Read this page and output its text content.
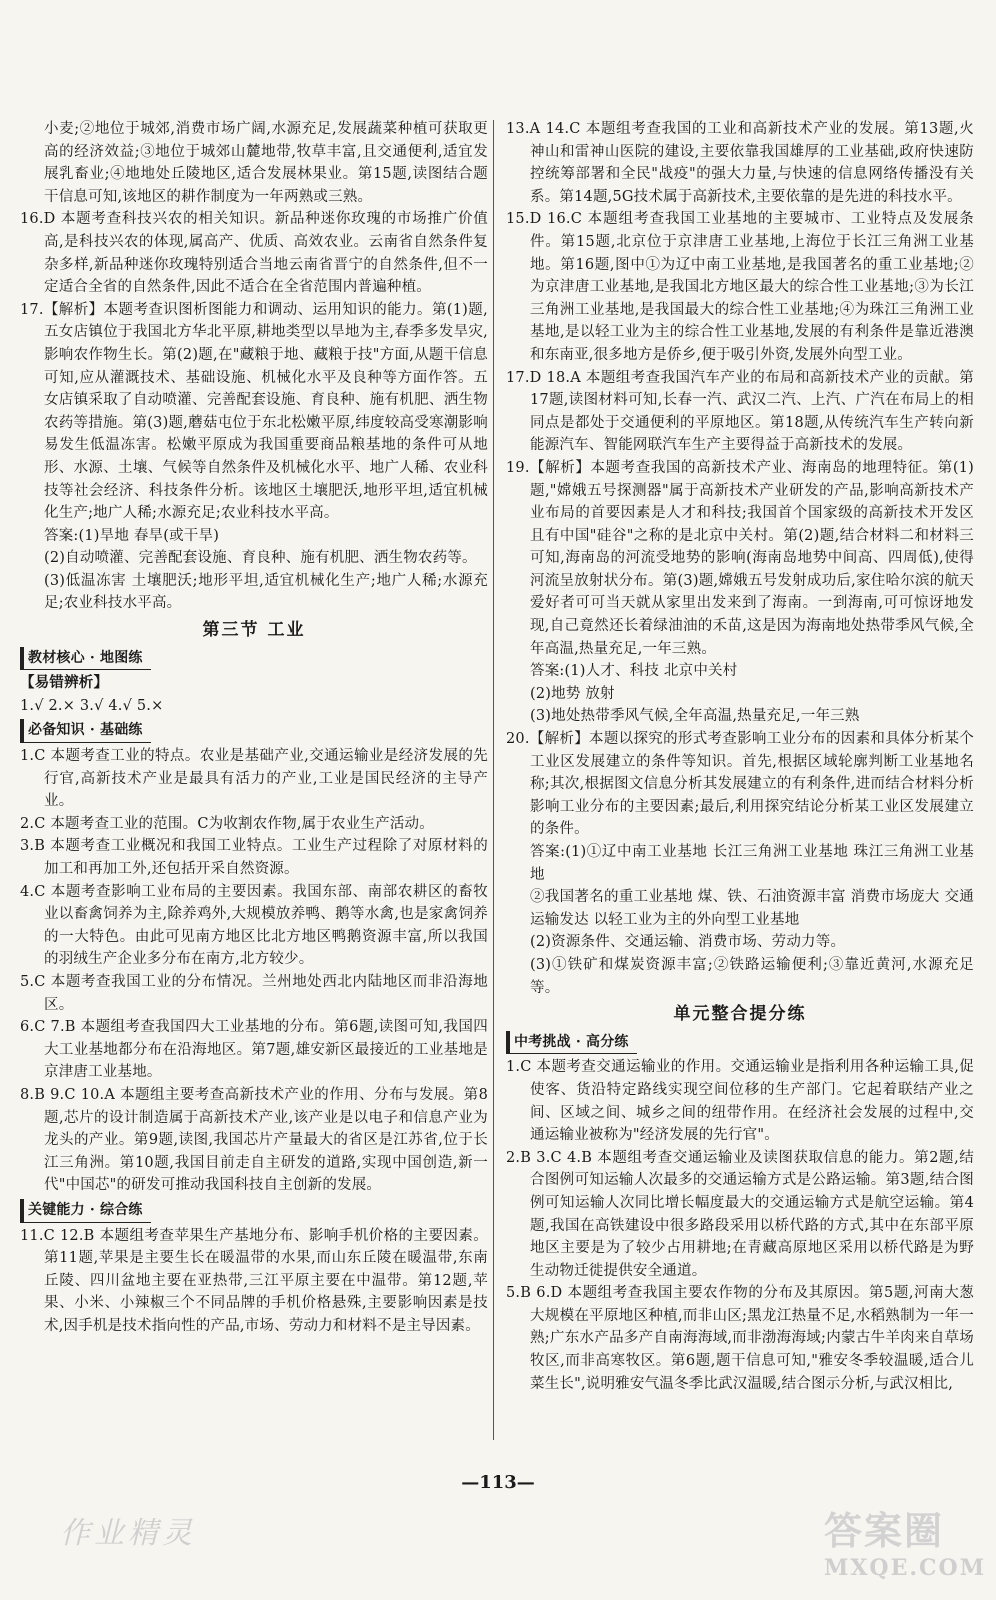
小麦;②地位于城郊,消费市场广阔,水源充足,发展蔬菜种植可获取更高的经济效益;③地位于城郊山麓地带,牧草丰富,且交通便利,适宜发展乳畜业;④地地处丘陵地区,适合发展林果业。第15题,读图结合题干信息可知,该地区的耕作制度为一年两熟或三熟。

16.D 本题考查科技兴农的相关知识。新品种迷你玫瑰的市场推广价值高,是科技兴农的体现,属高产、优质、高效农业。云南省自然条件复杂多样,新品种迷你玫瑰特别适合当地云南省晋宁的自然条件,但不一定适合全省的自然条件,因此不适合在全省范围内普遍种植。

17.【解析】本题考查识图析图能力和调动、运用知识的能力。第(1)题,五女店镇位于我国北方华北平原,耕地类型以旱地为主,春季多发旱灾,影响农作物生长。第(2)题,在"藏粮于地、藏粮于技"方面,从题干信息可知,应从灌溉技术、基础设施、机械化水平及良种等方面作答。五女店镇采取了自动喷灌、完善配套设施、育良种、施有机肥、洒生物农药等措施。第(3)题,蘑菇屯位于东北松嫩平原,纬度较高受寒潮影响易发生低温冻害。松嫩平原成为我国重要商品粮基地的条件可从地形、水源、土壤、气候等自然条件及机械化水平、地广人稀、农业科技等社会经济、科技条件分析。该地区土壤肥沃,地形平坦,适宜机械化生产;地广人稀;水源充足;农业科技水平高。

答案:(1)旱地 春旱(或干旱)

(2)自动喷灌、完善配套设施、育良种、施有机肥、洒生物农药等。

(3)低温冻害 土壤肥沃;地形平坦,适宜机械化生产;地广人稀;水源充足;农业科技水平高。

第三节 工业
教材核心 · 地图练

【易错辨析】

1.√ 2.× 3.√ 4.√ 5.×

必备知识 · 基础练

1.C 本题考查工业的特点。农业是基础产业,交通运输业是经济发展的先行官,高新技术产业是最具有活力的产业,工业是国民经济的主导产业。

2.C 本题考查工业的范围。C为收割农作物,属于农业生产活动。

3.B 本题考查工业概况和我国工业特点。工业生产过程除了对原材料的加工和再加工外,还包括开采自然资源。

4.C 本题考查影响工业布局的主要因素。我国东部、南部农耕区的畜牧业以畜禽饲养为主,除养鸡外,大规模放养鸭、鹅等水禽,也是家禽饲养的一大特色。由此可见南方地区比北方地区鸭鹅资源丰富,所以我国的羽绒生产企业多分布在南方,北方较少。

5.C 本题考查我国工业的分布情况。兰州地处西北内陆地区而非沿海地区。

6.C 7.B 本题组考查我国四大工业基地的分布。第6题,读图可知,我国四大工业基地都分布在沿海地区。第7题,雄安新区最接近的工业基地是京津唐工业基地。

8.B 9.C 10.A 本题组主要考查高新技术产业的作用、分布与发展。第8题,芯片的设计制造属于高新技术产业,该产业是以电子和信息产业为龙头的产业。第9题,读图,我国芯片产量最大的省区是江苏省,位于长江三角洲。第10题,我国目前走自主研发的道路,实现中国创造,新一代"中国芯"的研发可推动我国科技自主创新的发展。

关键能力 · 综合练

11.C 12.B 本题组考查苹果生产基地分布、影响手机价格的主要因素。第11题,苹果是主要生长在暖温带的水果,而山东丘陵在暖温带,东南丘陵、四川盆地主要在亚热带,三江平原主要在中温带。第12题,苹果、小米、小辣椒三个不同品牌的手机价格悬殊,主要影响因素是技术,因手机是技术指向性的产品,市场、劳动力和材料不是主导因素。

13.A 14.C 本题组考查我国的工业和高新技术产业的发展。第13题,火神山和雷神山医院的建设,主要依靠我国雄厚的工业基础,政府快速防控统筹部署和全民"战疫"的强大力量,与快速的信息网络传播没有关系。第14题,5G技术属于高新技术,主要依靠的是先进的科技水平。

15.D 16.C 本题组考查我国工业基地的主要城市、工业特点及发展条件。第15题,北京位于京津唐工业基地,上海位于长江三角洲工业基地。第16题,图中①为辽中南工业基地,是我国著名的重工业基地;②为京津唐工业基地,是我国北方地区最大的综合性工业基地;③为长江三角洲工业基地,是我国最大的综合性工业基地;④为珠江三角洲工业基地,是以轻工业为主的综合性工业基地,发展的有利条件是靠近港澳和东南亚,很多地方是侨乡,便于吸引外资,发展外向型工业。

17.D 18.A 本题组考查我国汽车产业的布局和高新技术产业的贡献。第17题,读图材料可知,长春一汽、武汉二汽、上汽、广汽在布局上的相同点是都处于交通便利的平原地区。第18题,从传统汽车生产转向新能源汽车、智能网联汽车生产主要得益于高新技术的发展。

19.【解析】本题考查我国的高新技术产业、海南岛的地理特征。第(1)题,"嫦娥五号探测器"属于高新技术产业研发的产品,影响高新技术产业布局的首要因素是人才和科技;我国首个国家级的高新技术开发区且有中国"硅谷"之称的是北京中关村。第(2)题,结合材料二和材料三可知,海南岛的河流受地势的影响(海南岛地势中间高、四周低),使得河流呈放射状分布。第(3)题,嫦娥五号发射成功后,家住哈尔滨的航天爱好者可可当天就从家里出发来到了海南。一到海南,可可惊讶地发现,自己竟然还长着绿油油的禾苗,这是因为海南地处热带季风气候,全年高温,热量充足,一年三熟。

答案:(1)人才、科技 北京中关村

(2)地势 放射

(3)地处热带季风气候,全年高温,热量充足,一年三熟

20.【解析】本题以探究的形式考查影响工业分布的因素和具体分析某个工业区发展建立的条件等知识。首先,根据区域轮廓判断工业基地名称;其次,根据图文信息分析其发展建立的有利条件,进而结合材料分析影响工业分布的主要因素;最后,利用探究结论分析某工业区发展建立的条件。

答案:(1)①辽中南工业基地 长江三角洲工业基地 珠江三角洲工业基地

②我国著名的重工业基地 煤、铁、石油资源丰富 消费市场庞大 交通运输发达 以轻工业为主的外向型工业基地

(2)资源条件、交通运输、消费市场、劳动力等。

(3)①铁矿和煤炭资源丰富;②铁路运输便利;③靠近黄河,水源充足等。

单元整合提分练
中考挑战 · 高分练

1.C 本题考查交通运输业的作用。交通运输业是指利用各种运输工具,促使客、货沿特定路线实现空间位移的生产部门。它起着联结产业之间、区域之间、城乡之间的纽带作用。在经济社会发展的过程中,交通运输业被称为"经济发展的先行官"。

2.B 3.C 4.B 本题组考查交通运输业及读图获取信息的能力。第2题,结合图例可知运输人次最多的交通运输方式是公路运输。第3题,结合图例可知运输人次同比增长幅度最大的交通运输方式是航空运输。第4题,我国在高铁建设中很多路段采用以桥代路的方式,其中在东部平原地区主要是为了较少占用耕地;在青藏高原地区采用以桥代路是为野生动物迁徙提供安全通道。

5.B 6.D 本题组考查我国主要农作物的分布及其原因。第5题,河南大葱大规模在平原地区种植,而非山区;黑龙江热量不足,水稻熟制为一年一熟;广东水产品多产自南海海域,而非渤海海域;内蒙古牛羊肉来自草场牧区,而非高寒牧区。第6题,题干信息可知,"雅安冬季较温暖,适合儿菜生长",说明雅安气温冬季比武汉温暖,结合图示分析,与武汉相比,

—113—
作业精灵	答案圈
MXQE.COM
